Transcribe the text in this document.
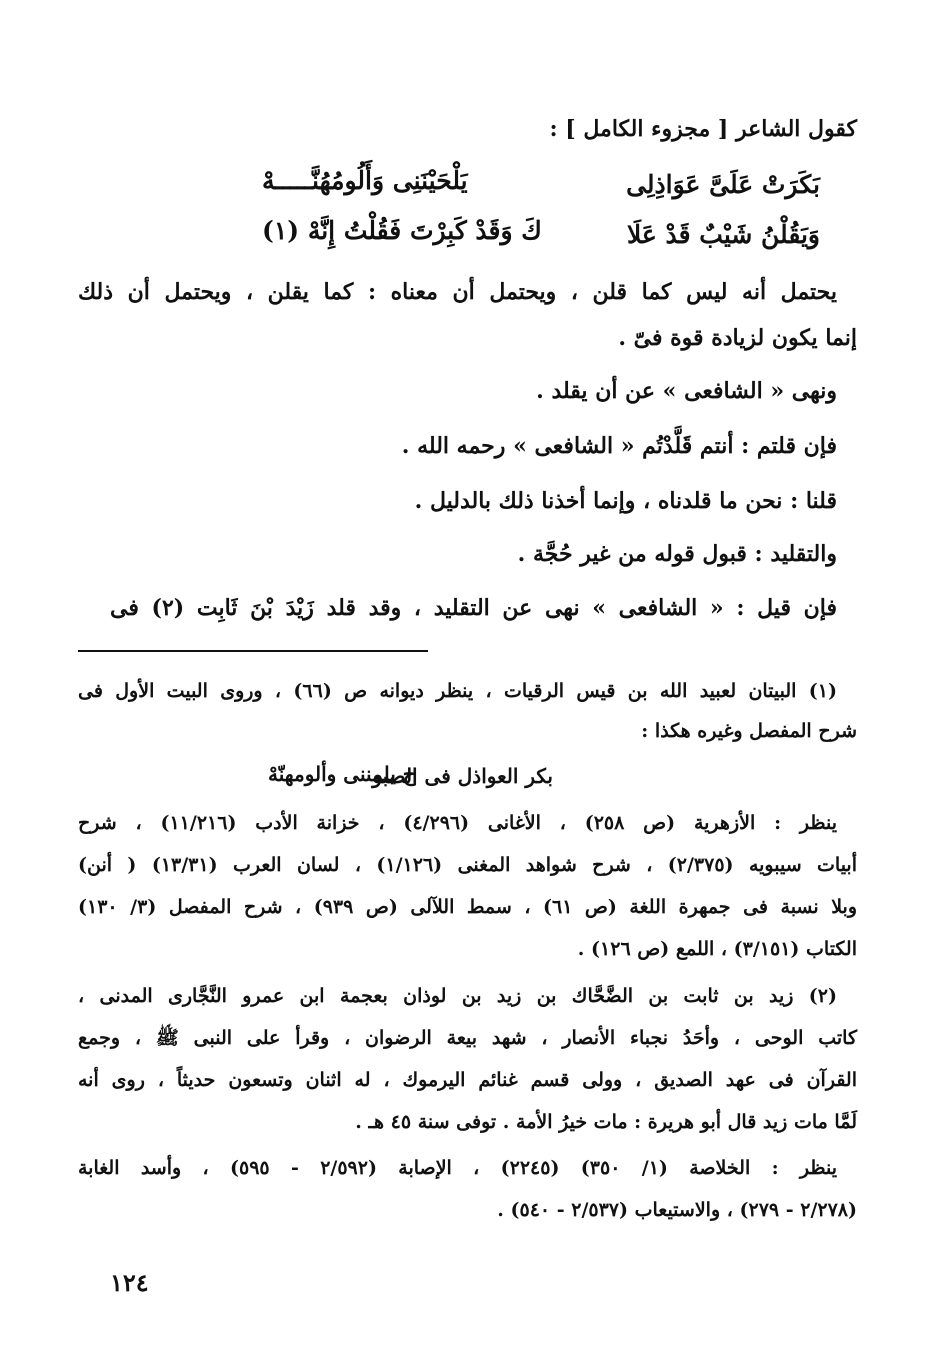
كقول الشاعر [ مجزوء الكامل ] :
بَكَرَتْ عَلَىَّ عَوَاذِلِى
يَلْحَيْنَنِى وَأَلُومُهُنَّـــــهْ
وَيَقُلْنُ شَيْبٌ قَدْ عَلَا
كَ وَقَدْ كَبِرْتَ فَقُلْتُ إِنَّهْ (١)
يحتمل أنه ليس كما قلن ، ويحتمل أن معناه : كما يقلن ، ويحتمل أن ذلك
إنما يكون لزيادة قوة فىّ .
ونهى « الشافعى » عن أن يقلد .
فإن قلتم : أنتم قَلَّدْتُم « الشافعى » رحمه الله .
قلنا : نحن ما قلدناه ، وإنما أخذنا ذلك بالدليل .
والتقليد : قبول قوله من غير حُجَّة .
فإن قيل : « الشافعى » نهى عن التقليد ، وقد قلد زَيْدَ بْنَ ثَابِت (٢) فى
(١) البيتان لعبيد الله بن قيس الرقيات ، ينظر ديوانه ص (٦٦) ، وروى البيت الأول فى
شرح المفصل وغيره هكذا :
بكر العواذل فى الصبو
ح يلمننى وألومهنّهْ
ينظر : الأزهرية (ص ٢٥٨) ، الأغانى (٤/٢٩٦) ، خزانة الأدب (١١/٢١٦) ، شرح
أبيات سيبويه (٢/٣٧٥) ، شرح شواهد المغنى (١/١٢٦) ، لسان العرب (١٣/٣١) ( أنن)
وبلا نسبة فى جمهرة اللغة (ص ٦١) ، سمط اللآلى (ص ٩٣٩) ، شرح المفصل (٣/ ١٣٠)
الكتاب (٣/١٥١) ، اللمع (ص ١٢٦) .
(٢) زيد بن ثابت بن الضَّحَّاك بن زيد بن لوذان بعجمة ابن عمرو النَّجَّارى المدنى ،
كاتب الوحى ، وأحَدُ نجباء الأنصار ، شهد بيعة الرضوان ، وقرأ على النبى ﷺ ، وجمع
القرآن فى عهد الصديق ، وولى قسم غنائم اليرموك ، له اثنان وتسعون حديثاً ، روى أنه
لَمَّا مات زيد قال أبو هريرة : مات خيرُ الأمة . توفى سنة ٤٥ هـ .
ينظر : الخلاصة (١/ ٣٥٠) (٢٢٤٥) ، الإصابة (٢/٥٩٢ - ٥٩٥) ، وأسد الغابة
(٢/٢٧٨ - ٢٧٩) ، والاستيعاب (٢/٥٣٧ - ٥٤٠) .
١٢٤
